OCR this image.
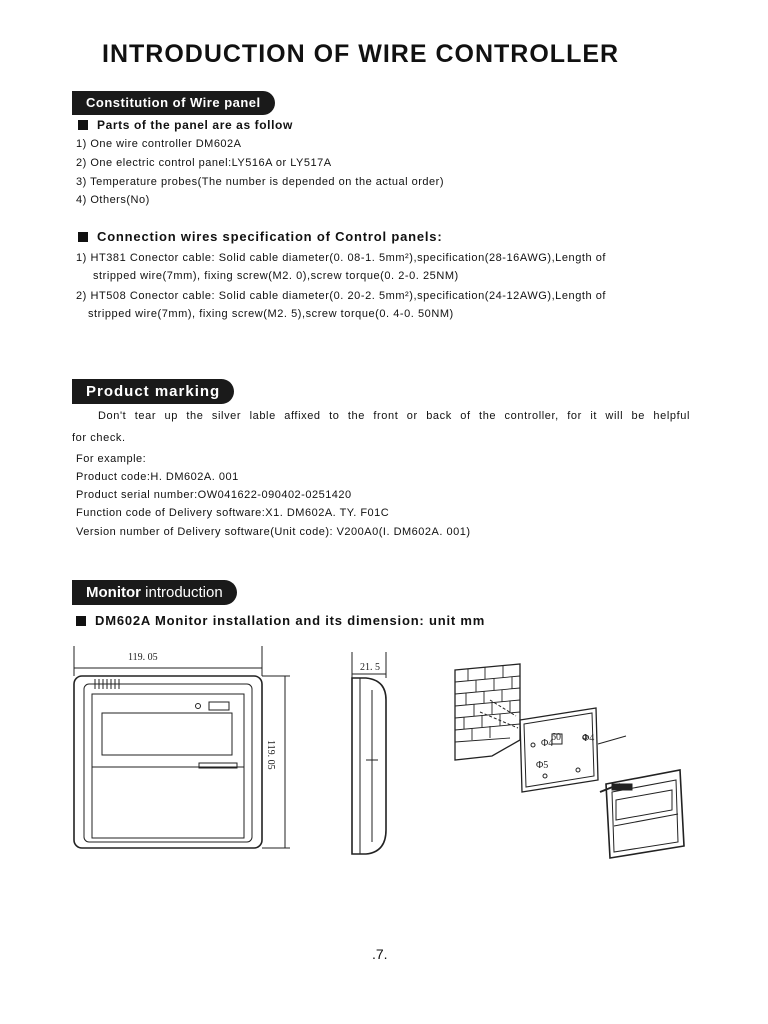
INTRODUCTION OF WIRE CONTROLLER
Constitution of Wire panel
Parts of the panel are as follow
1) One wire controller DM602A
2) One electric control panel:LY516A or LY517A
3) Temperature probes(The number is depended on the actual order)
4) Others(No)
Connection wires specification of Control panels:
1) HT381 Conector cable: Solid cable diameter(0. 08-1. 5mm²),specification(28-16AWG),Length of
stripped wire(7mm), fixing screw(M2. 0),screw torque(0. 2-0. 25NM)
2) HT508 Conector cable: Solid cable diameter(0. 20-2. 5mm²),specification(24-12AWG),Length of
stripped wire(7mm), fixing screw(M2. 5),screw torque(0. 4-0. 50NM)
Product marking
Don't tear up the silver lable affixed to the front or back of the controller, for it will be helpful
for check.
For example:
Product code:H. DM602A. 001
Product serial number:OW041622-090402-0251420
Function code of Delivery software:X1. DM602A. TY. F01C
Version number of Delivery software(Unit code): V200A0(I. DM602A. 001)
Monitor introduction
DM602A Monitor installation and its dimension: unit mm
119. 05
119. 05
21. 5
Φ4
60 Φ4
Φ5
.7.
